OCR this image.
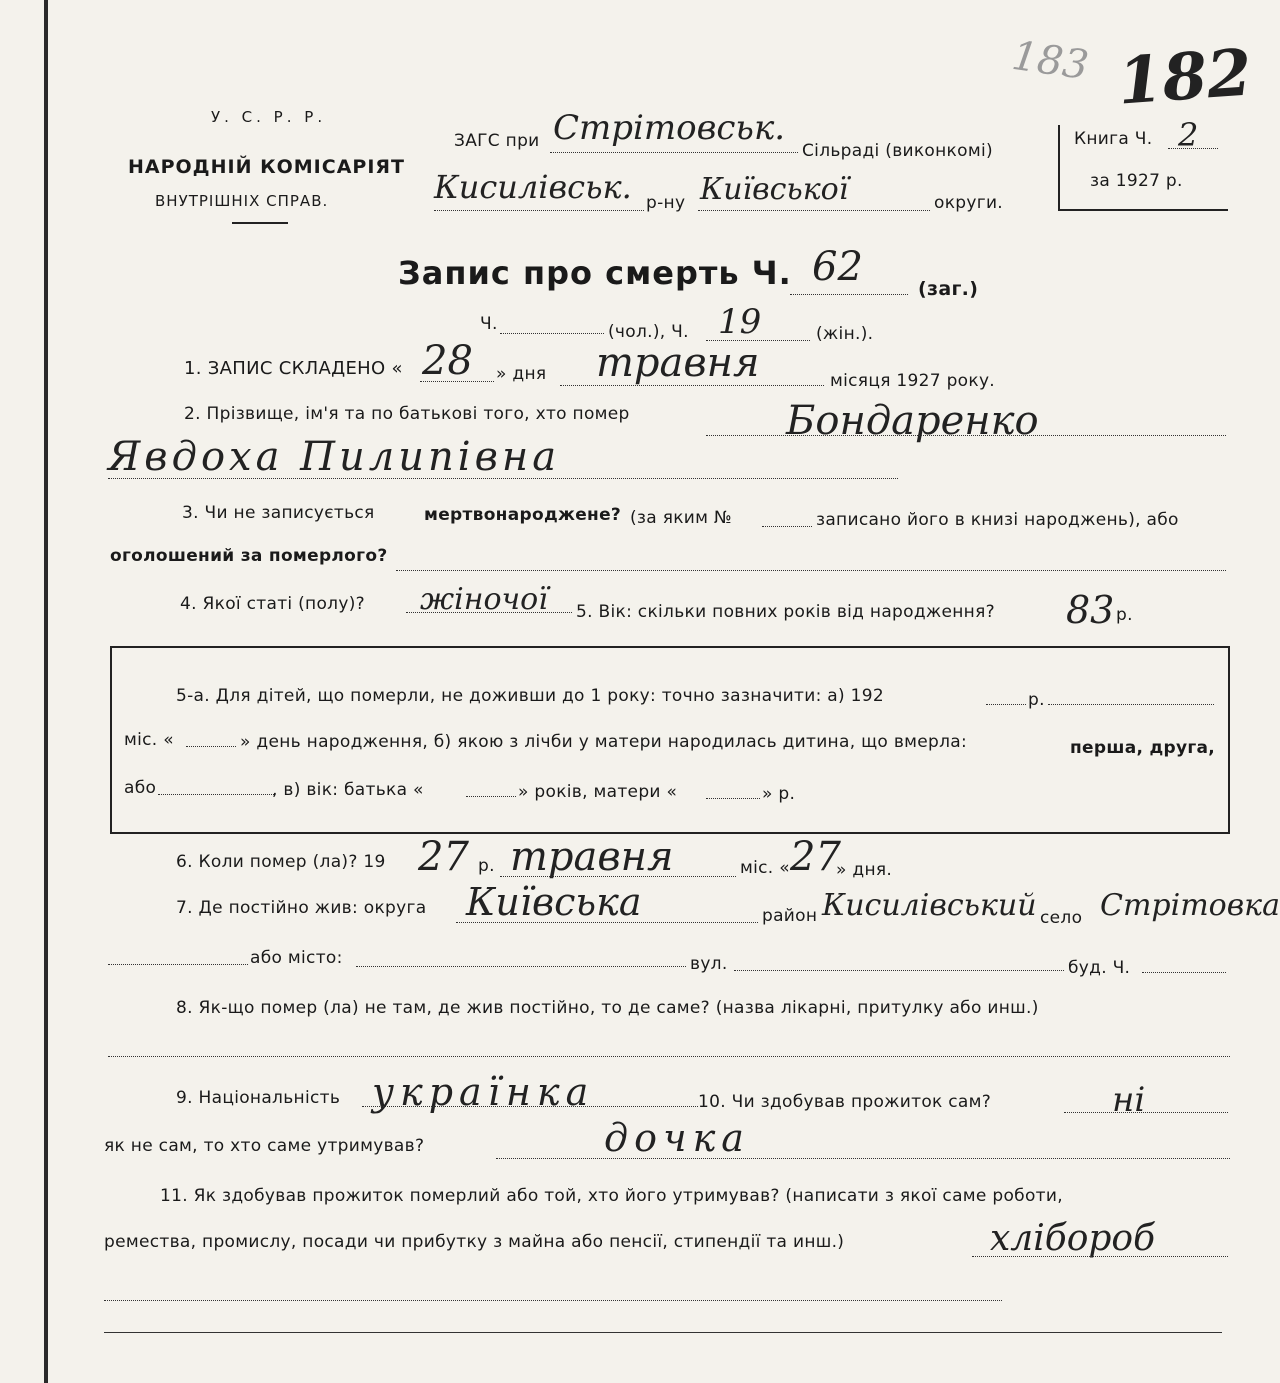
183 182
У. С. Р. Р.
НАРОДНІЙ КОМІСАРІЯТ
ВНУТРІШНІХ СПРАВ.
ЗАГС при Стрітовськ.
Сільраді (виконкомі)
Кисилівськ. р-ну Київської	округи.
Книга Ч. 2
за 1927 р.
Запис про смерть Ч. 62	(заг.)
Ч.	(чол.), Ч. 19	(жін.).
1. ЗАПИС СКЛАДЕНО « 28 » дня травня	місяця 1927 року.
2. Прізвище, ім'я та по батькові того, хто помер	Бондаренко
Явдоха Пилипівна
3. Чи не записується	мертвонароджене? (за яким №	записано його в книзі народжень), або
оголошений за померлого?
4. Якої статі (полу)? жіночої 5. Вік: скільки повних років від народження? 83 р.
5-а. Для дітей, що померли, не доживши до 1 року: точно зазначити: а) 192	р.
міс. «	» день народження, б) якою з лічби у матери народилась дитина, що вмерла:	перша, друга,
або	, в) вік: батька «	» років, матери «	» р.
6. Коли помер (ла)? 19 27 р. травня	міс. « 27
» дня.
7. Де постійно жив: округа Київська	район Кисилівський село Стрітовка
або місто:	вул.	буд. Ч.
8. Як-що помер (ла) не там, де жив постійно, то де саме? (назва лікарні, притулку або инш.)
9. Національність українка	10. Чи здобував прожиток сам?	ні
як не сам, то хто саме утримував?	дочка
11. Як здобував прожиток померлий або той, хто його утримував? (написати з якої саме роботи,
ремества, промислу, посади чи прибутку з майна або пенсії, стипендії та инш.)	хлібороб
